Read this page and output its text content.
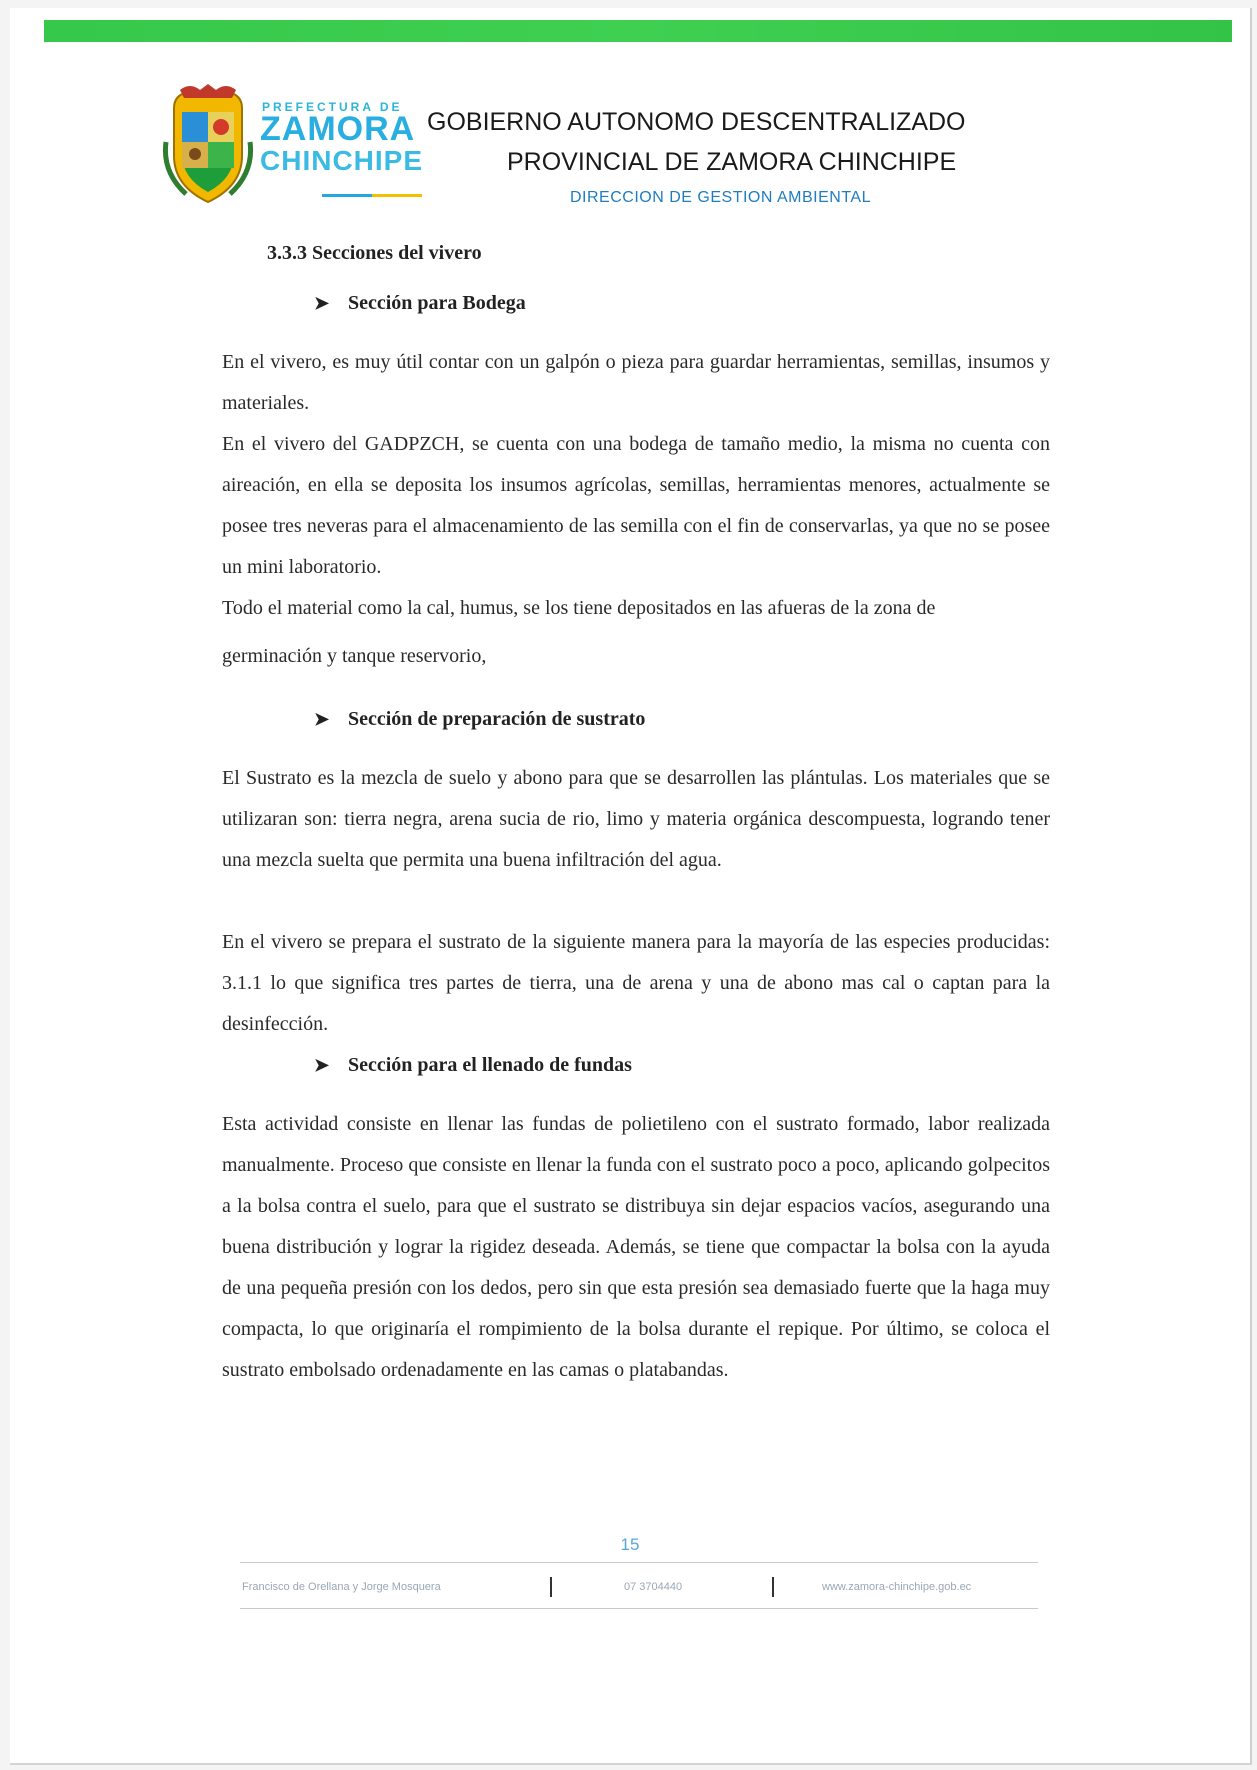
PREFECTURA DE
ZAMORA
CHINCHIPE
GOBIERNO AUTONOMO DESCENTRALIZADO
PROVINCIAL DE ZAMORA CHINCHIPE
DIRECCION DE GESTION AMBIENTAL
3.3.3 Secciones del vivero
➤ Sección para Bodega

En el vivero, es muy útil contar con un galpón o pieza para guardar herramientas, semillas, insumos y materiales.

En el vivero del GADPZCH, se cuenta con una bodega de tamaño medio, la misma no cuenta con aireación, en ella se deposita los insumos agrícolas, semillas, herramientas menores, actualmente se posee tres neveras para el almacenamiento de las semilla con el fin de conservarlas, ya que no se posee un mini laboratorio.

Todo el material como la cal, humus, se los tiene depositados en las afueras de la zona de

germinación y tanque reservorio,

➤ Sección de preparación de sustrato

El Sustrato es la mezcla de suelo y abono para que se desarrollen las plántulas. Los materiales que se utilizaran son: tierra negra, arena sucia de rio, limo y materia orgánica descompuesta, logrando tener una mezcla suelta que permita una buena infiltración del agua.

En el vivero se prepara el sustrato de la siguiente manera para la mayoría de las especies producidas: 3.1.1 lo que significa tres partes de tierra, una de arena y una de abono mas cal o captan para la desinfección.

➤ Sección para el llenado de fundas

Esta actividad consiste en llenar las fundas de polietileno con el sustrato formado, labor realizada manualmente. Proceso que consiste en llenar la funda con el sustrato poco a poco, aplicando golpecitos a la bolsa contra el suelo, para que el sustrato se distribuya sin dejar espacios vacíos, asegurando una buena distribución y lograr la rigidez deseada. Además, se tiene que compactar la bolsa con la ayuda de una pequeña presión con los dedos, pero sin que esta presión sea demasiado fuerte que la haga muy compacta, lo que originaría el rompimiento de la bolsa durante el repique. Por último, se coloca el sustrato embolsado ordenadamente en las camas o platabandas.

15
Francisco de Orellana y Jorge Mosquera	07 3704440	www.zamora-chinchipe.gob.ec
